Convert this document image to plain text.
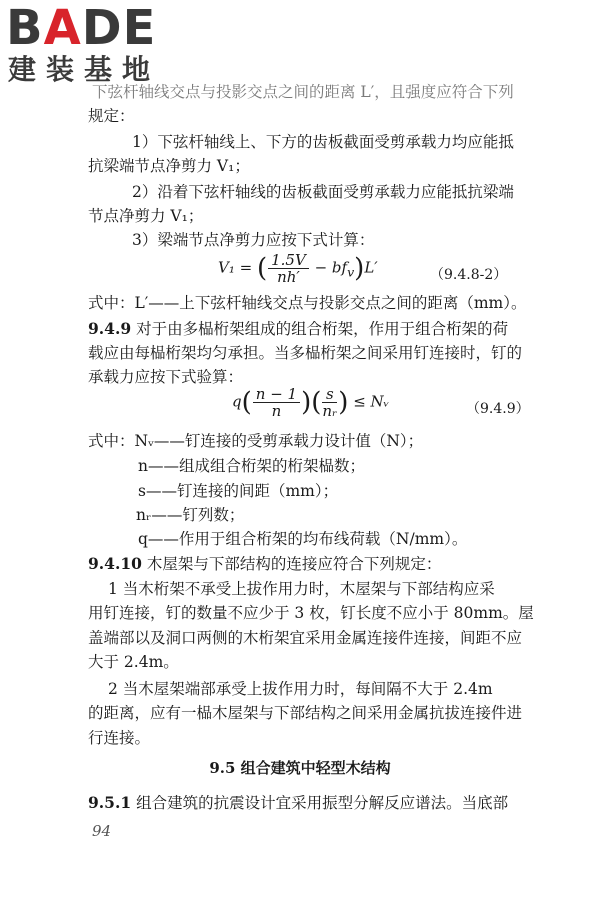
BADE
建装基地
下弦杆轴线交点与投影交点之间的距离 L′，且强度应符合下列
规定：
1）下弦杆轴线上、下方的齿板截面受剪承载力均应能抵
抗梁端节点净剪力 V₁；
2）沿着下弦杆轴线的齿板截面受剪承载力应能抵抗梁端
节点净剪力 V₁；
3）梁端节点净剪力应按下式计算：
V₁ = ( $\frac{1.5V}{nh'} - bf_v)L'$	（9.4.8-2）
式中：L′——上下弦杆轴线交点与投影交点之间的距离（mm）。
9.4.9 对于由多榀桁架组成的组合桁架，作用于组合桁架的荷
载应由每榀桁架均匀承担。当多榀桁架之间采用钉连接时，钉的
承载力应按下式验算：
$q( \frac{n - 1}{n}$ )( $\frac{s}{\text{nᵣ}}$ ) ≤ Nᵥ	（9.4.9）
式中：Nᵥ——钉连接的受剪承载力设计值（N）；
n——组成组合桁架的桁架榀数；
s——钉连接的间距（mm）；
nᵣ——钉列数；
q——作用于组合桁架的均布线荷载（N/mm）。
9.4.10 木屋架与下部结构的连接应符合下列规定：
1 当木桁架不承受上拔作用力时，木屋架与下部结构应采
用钉连接，钉的数量不应少于 3 枚，钉长度不应小于 80mm。屋
盖端部以及洞口两侧的木桁架宜采用金属连接件连接，间距不应
大于 2.4m。
2 当木屋架端部承受上拔作用力时，每间隔不大于 2.4m
的距离，应有一榀木屋架与下部结构之间采用金属抗拔连接件进
行连接。
9.5 组合建筑中轻型木结构
9.5.1 组合建筑的抗震设计宜采用振型分解反应谱法。当底部
94
